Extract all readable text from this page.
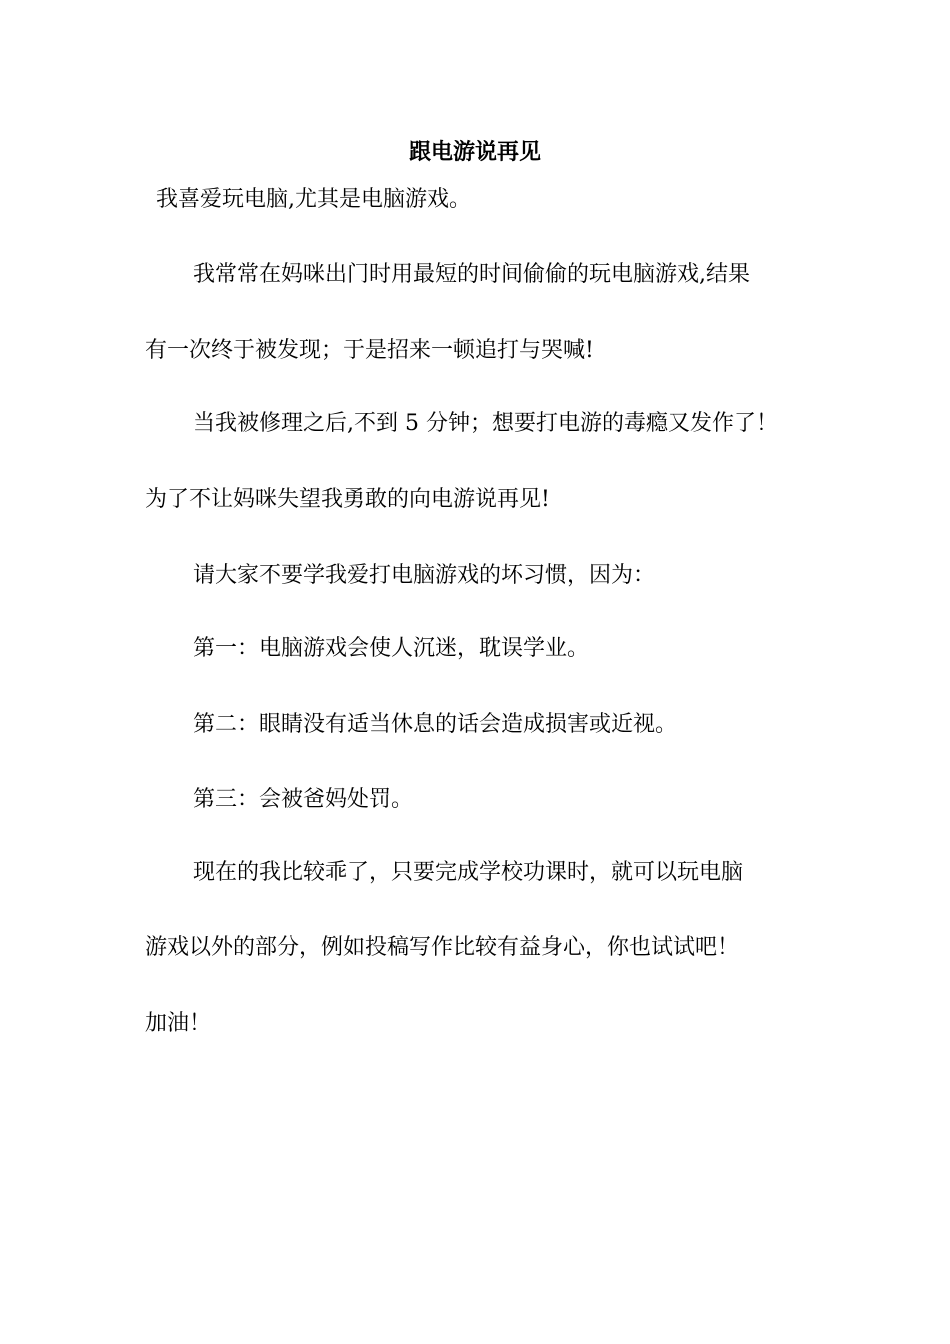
跟电游说再见
我喜爱玩电脑,尤其是电脑游戏。
我常常在妈咪出门时用最短的时间偷偷的玩电脑游戏,结果
有一次终于被发现；于是招来一顿追打与哭喊!
当我被修理之后,不到 5 分钟；想要打电游的毒瘾又发作了！
为了不让妈咪失望我勇敢的向电游说再见!
请大家不要学我爱打电脑游戏的坏习惯，因为：
第一：电脑游戏会使人沉迷，耽误学业。
第二：眼睛没有适当休息的话会造成损害或近视。
第三：会被爸妈处罚。
现在的我比较乖了，只要完成学校功课时，就可以玩电脑
游戏以外的部分，例如投稿写作比较有益身心，你也试试吧！
加油！
